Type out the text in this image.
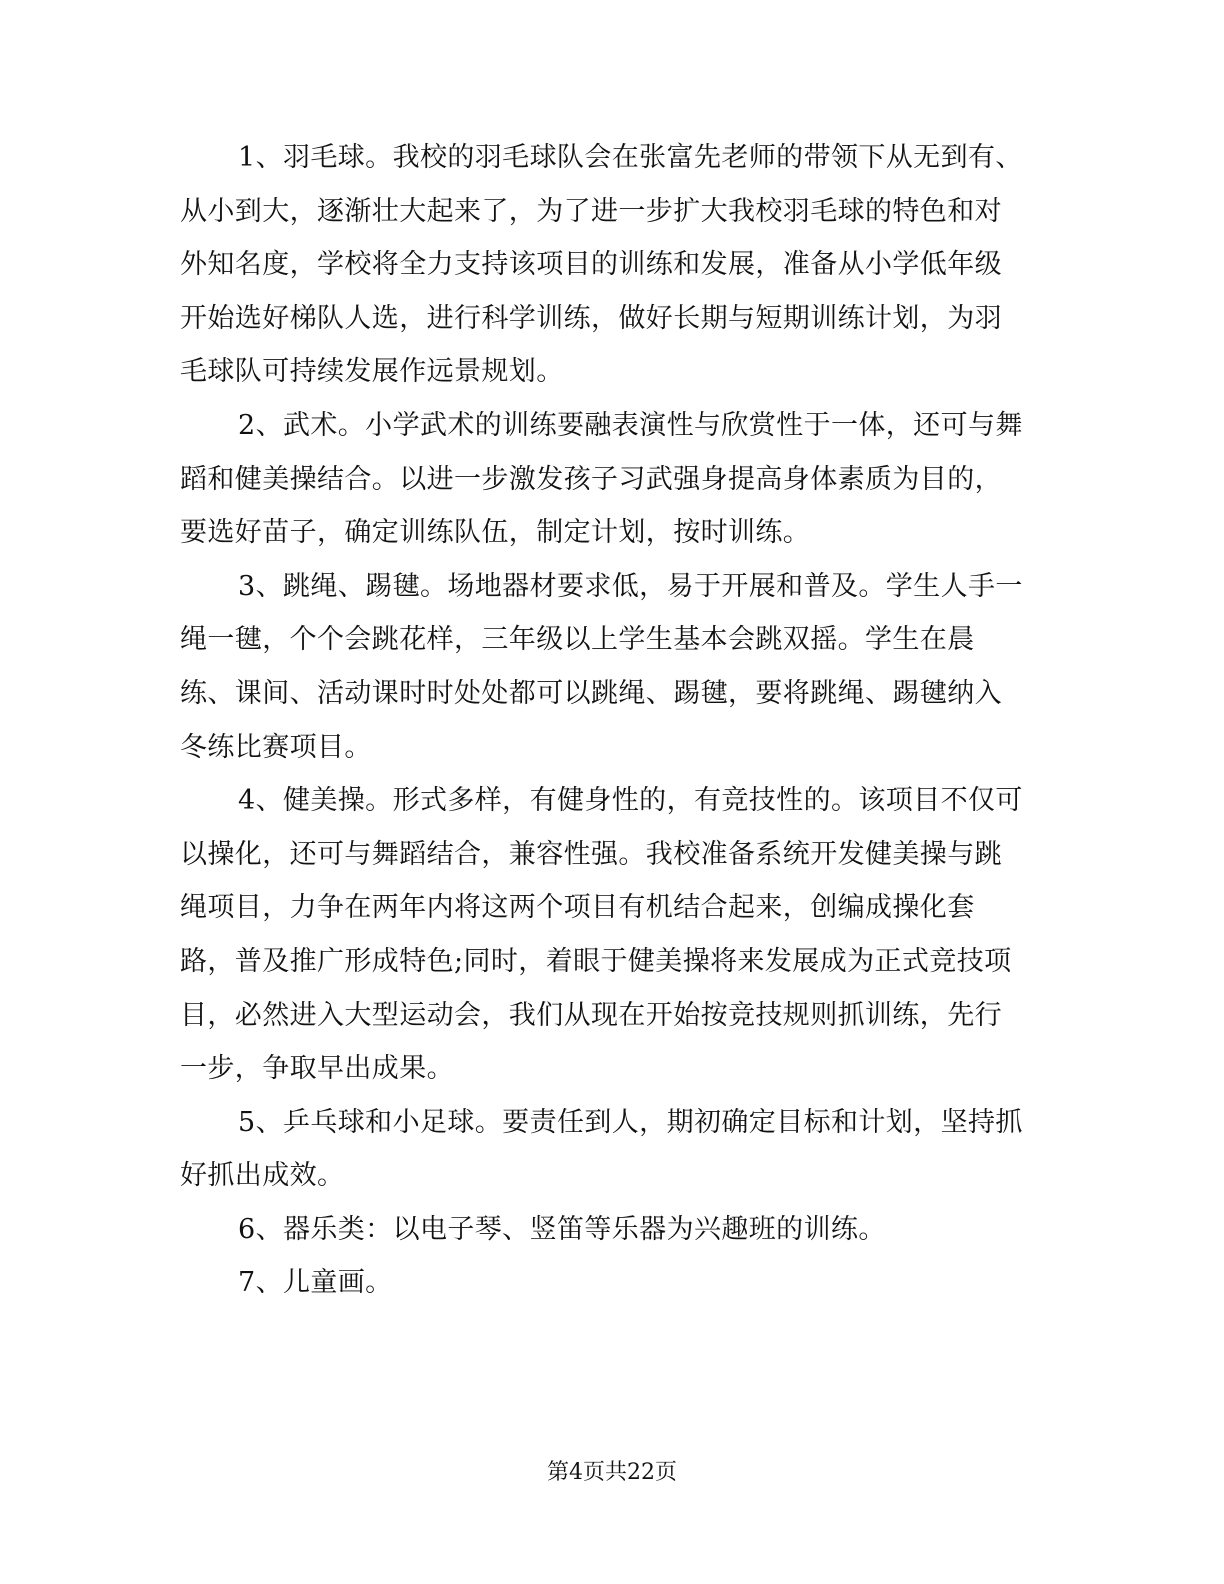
1、羽毛球。我校的羽毛球队会在张富先老师的带领下从无到有、
从小到大，逐渐壮大起来了，为了进一步扩大我校羽毛球的特色和对
外知名度，学校将全力支持该项目的训练和发展，准备从小学低年级
开始选好梯队人选，进行科学训练，做好长期与短期训练计划，为羽
毛球队可持续发展作远景规划。
2、武术。小学武术的训练要融表演性与欣赏性于一体，还可与舞
蹈和健美操结合。以进一步激发孩子习武强身提高身体素质为目的，
要选好苗子，确定训练队伍，制定计划，按时训练。
3、跳绳、踢毽。场地器材要求低，易于开展和普及。学生人手一
绳一毽，个个会跳花样，三年级以上学生基本会跳双摇。学生在晨
练、课间、活动课时时处处都可以跳绳、踢毽，要将跳绳、踢毽纳入
冬练比赛项目。
4、健美操。形式多样，有健身性的，有竞技性的。该项目不仅可
以操化，还可与舞蹈结合，兼容性强。我校准备系统开发健美操与跳
绳项目，力争在两年内将这两个项目有机结合起来，创编成操化套
路，普及推广形成特色;同时，着眼于健美操将来发展成为正式竞技项
目，必然进入大型运动会，我们从现在开始按竞技规则抓训练，先行
一步，争取早出成果。
5、乒乓球和小足球。要责任到人，期初确定目标和计划，坚持抓
好抓出成效。
6、器乐类：以电子琴、竖笛等乐器为兴趣班的训练。
7、儿童画。
第4页共22页
